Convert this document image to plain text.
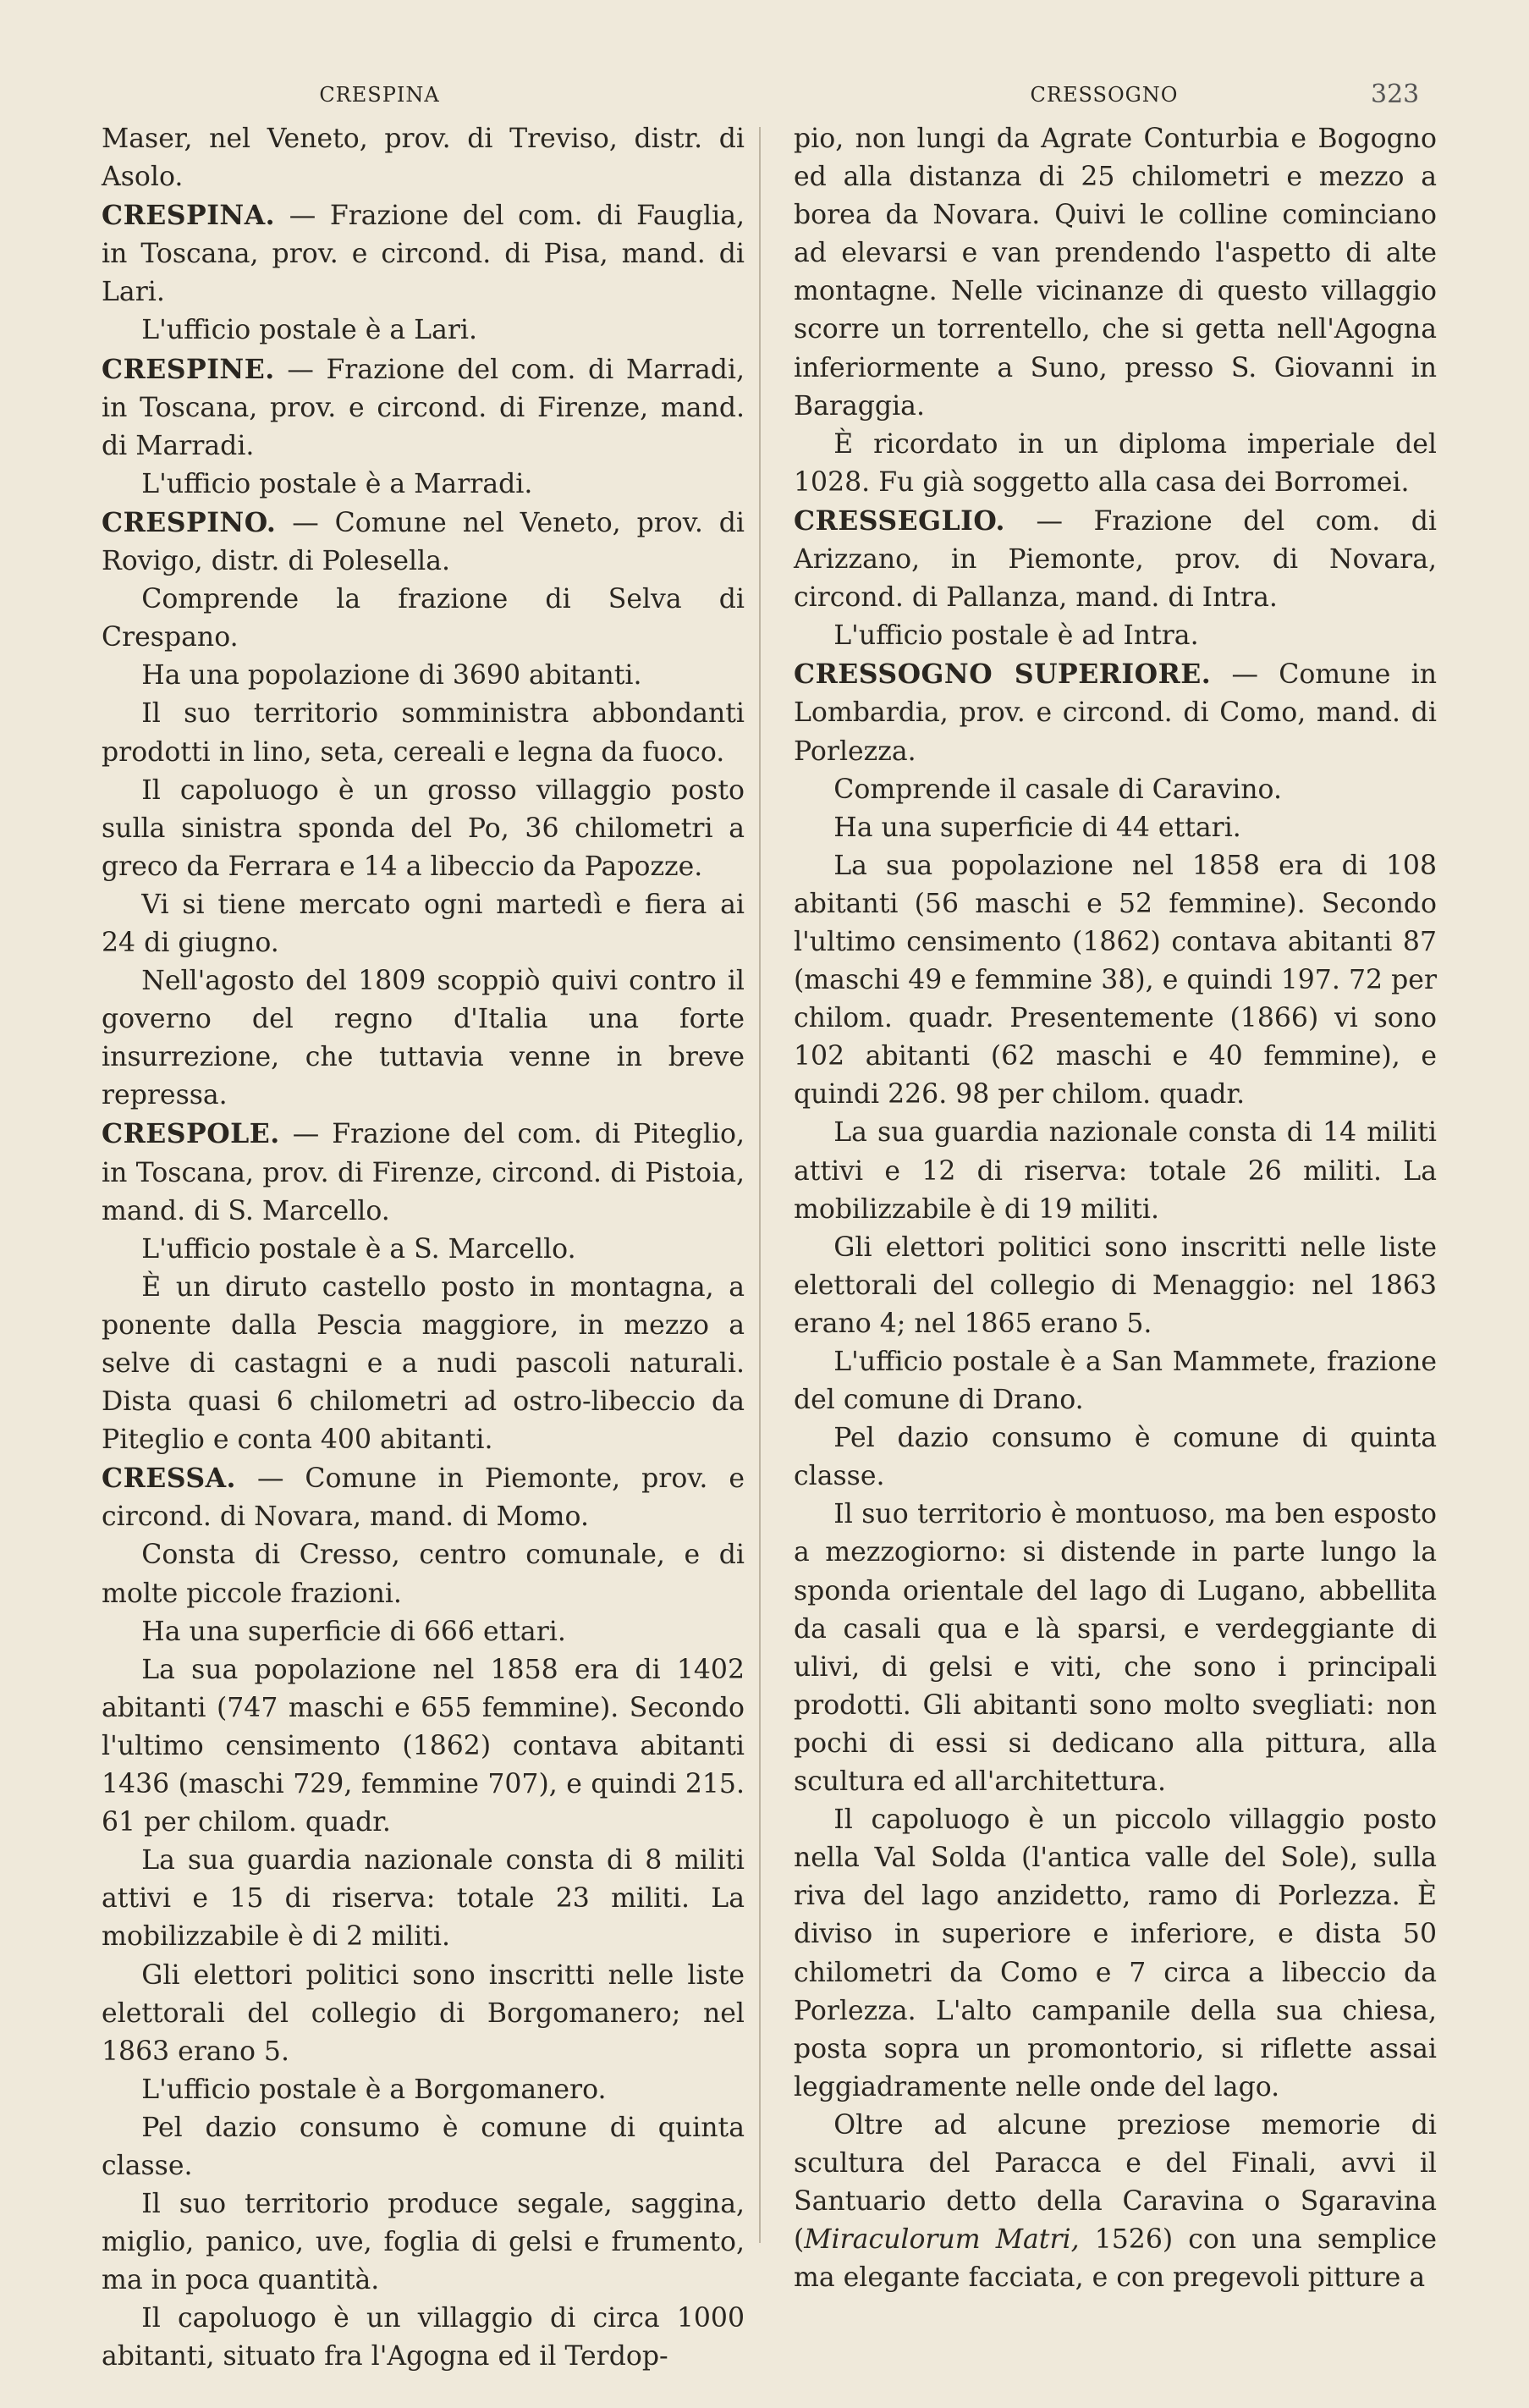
CRESPINA	CRESSOGNO	323

Maser, nel Veneto, prov. di Treviso, distr. di Asolo.

CRESPINA. — Frazione del com. di Fauglia, in Toscana, prov. e circond. di Pisa, mand. di Lari.

L'ufficio postale è a Lari.

CRESPINE. — Frazione del com. di Marradi, in Toscana, prov. e circond. di Firenze, mand. di Marradi.

L'ufficio postale è a Marradi.

CRESPINO. — Comune nel Veneto, prov. di Rovigo, distr. di Polesella.

Comprende la frazione di Selva di Crespano.

Ha una popolazione di 3690 abitanti.

Il suo territorio somministra abbondanti prodotti in lino, seta, cereali e legna da fuoco.

Il capoluogo è un grosso villaggio posto sulla sinistra sponda del Po, 36 chilometri a greco da Ferrara e 14 a libeccio da Papozze.

Vi si tiene mercato ogni martedì e fiera ai 24 di giugno.

Nell'agosto del 1809 scoppiò quivi contro il governo del regno d'Italia una forte insurrezione, che tuttavia venne in breve repressa.

CRESPOLE. — Frazione del com. di Piteglio, in Toscana, prov. di Firenze, circond. di Pistoia, mand. di S. Marcello.

L'ufficio postale è a S. Marcello.

È un diruto castello posto in montagna, a ponente dalla Pescia maggiore, in mezzo a selve di castagni e a nudi pascoli naturali. Dista quasi 6 chilometri ad ostro-libeccio da Piteglio e conta 400 abitanti.

CRESSA. — Comune in Piemonte, prov. e circond. di Novara, mand. di Momo.

Consta di Cresso, centro comunale, e di molte piccole frazioni.

Ha una superficie di 666 ettari.

La sua popolazione nel 1858 era di 1402 abitanti (747 maschi e 655 femmine). Secondo l'ultimo censimento (1862) contava abitanti 1436 (maschi 729, femmine 707), e quindi 215. 61 per chilom. quadr.

La sua guardia nazionale consta di 8 militi attivi e 15 di riserva: totale 23 militi. La mobilizzabile è di 2 militi.

Gli elettori politici sono inscritti nelle liste elettorali del collegio di Borgomanero; nel 1863 erano 5.

L'ufficio postale è a Borgomanero.

Pel dazio consumo è comune di quinta classe.

Il suo territorio produce segale, saggina, miglio, panico, uve, foglia di gelsi e frumento, ma in poca quantità.

Il capoluogo è un villaggio di circa 1000 abitanti, situato fra l'Agogna ed il Terdop-

pio, non lungi da Agrate Conturbia e Bogogno ed alla distanza di 25 chilometri e mezzo a borea da Novara. Quivi le colline cominciano ad elevarsi e van prendendo l'aspetto di alte montagne. Nelle vicinanze di questo villaggio scorre un torrentello, che si getta nell'Agogna inferiormente a Suno, presso S. Giovanni in Baraggia.

È ricordato in un diploma imperiale del 1028. Fu già soggetto alla casa dei Borromei.

CRESSEGLIO. — Frazione del com. di Arizzano, in Piemonte, prov. di Novara, circond. di Pallanza, mand. di Intra.

L'ufficio postale è ad Intra.

CRESSOGNO SUPERIORE. — Comune in Lombardia, prov. e circond. di Como, mand. di Porlezza.

Comprende il casale di Caravino.

Ha una superficie di 44 ettari.

La sua popolazione nel 1858 era di 108 abitanti (56 maschi e 52 femmine). Secondo l'ultimo censimento (1862) contava abitanti 87 (maschi 49 e femmine 38), e quindi 197. 72 per chilom. quadr. Presentemente (1866) vi sono 102 abitanti (62 maschi e 40 femmine), e quindi 226. 98 per chilom. quadr.

La sua guardia nazionale consta di 14 militi attivi e 12 di riserva: totale 26 militi. La mobilizzabile è di 19 militi.

Gli elettori politici sono inscritti nelle liste elettorali del collegio di Menaggio: nel 1863 erano 4; nel 1865 erano 5.

L'ufficio postale è a San Mammete, frazione del comune di Drano.

Pel dazio consumo è comune di quinta classe.

Il suo territorio è montuoso, ma ben esposto a mezzogiorno: si distende in parte lungo la sponda orientale del lago di Lugano, abbellita da casali qua e là sparsi, e verdeggiante di ulivi, di gelsi e viti, che sono i principali prodotti. Gli abitanti sono molto svegliati: non pochi di essi si dedicano alla pittura, alla scultura ed all'architettura.

Il capoluogo è un piccolo villaggio posto nella Val Solda (l'antica valle del Sole), sulla riva del lago anzidetto, ramo di Porlezza. È diviso in superiore e inferiore, e dista 50 chilometri da Como e 7 circa a libeccio da Porlezza. L'alto campanile della sua chiesa, posta sopra un promontorio, si riflette assai leggiadramente nelle onde del lago.

Oltre ad alcune preziose memorie di scultura del Paracca e del Finali, avvi il Santuario detto della Caravina o Sgaravina (Miraculorum Matri, 1526) con una semplice ma elegante facciata, e con pregevoli pitture a
